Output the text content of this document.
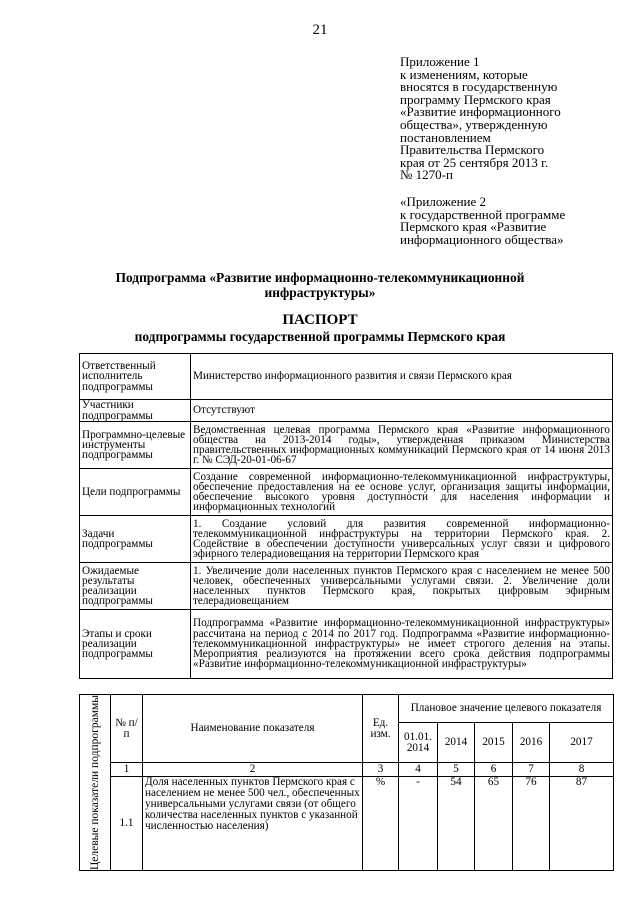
21
Приложение 1
к изменениям, которые
вносятся в государственную
программу Пермского края
«Развитие информационного
общества», утвержденную
постановлением
Правительства Пермского
края от 25 сентября 2013 г.
№ 1270-п
«Приложение 2
к государственной программе
Пермского края «Развитие
информационного общества»
Подпрограмма «Развитие информационно-телекоммуникационной
инфраструктуры»
ПАСПОРТ
подпрограммы государственной программы Пермского края
Ответственный исполнитель подпрограммы	Министерство информационного развития и связи Пермского края
Участники подпрограммы	Отсутствуют
Программно-целевые инструменты подпрограммы	Ведомственная целевая программа Пермского края «Развитие информационного общества на 2013-2014 годы», утвержденная приказом Министерства правительственных информационных коммуникаций Пермского края от 14 июня 2013 г. № СЭД-20-01-06-67
Цели подпрограммы	Создание современной информационно-телекоммуникационной инфраструктуры, обеспечение предоставления на ее основе услуг, организация защиты информации, обеспечение высокого уровня доступности для населения информации и информационных технологий
Задачи подпрограммы	1. Создание условий для развития современной информационно-телекоммуникационной инфраструктуры на территории Пермского края. 2. Содействие в обеспечении доступности универсальных услуг связи и цифрового эфирного телерадиовещания на территории Пермского края
Ожидаемые результаты реализации подпрограммы	1. Увеличение доли населенных пунктов Пермского края с населением не менее 500 человек, обеспеченных универсальными услугами связи. 2. Увеличение доли населенных пунктов Пермского края, покрытых цифровым эфирным телерадиовещанием
Этапы и сроки реализации подпрограммы	Подпрограмма «Развитие информационно-телекоммуникационной инфраструктуры» рассчитана на период с 2014 по 2017 год. Подпрограмма «Развитие информационно-телекоммуникационной инфраструктуры» не имеет строгого деления на этапы. Мероприятия реализуются на протяжении всего срока действия подпрограммы «Развитие информационно-телекоммуникационной инфраструктуры»
Целевые показатели подпрограммы	№ п/п	Наименование показателя	Ед. изм.	Плановое значение целевого показателя				
				01.01. 2014	2014	2015	2016	2017
	1	2	3	4	5	6	7	8
	1.1	Доля населенных пунктов Пермского края с населением не менее 500 чел., обеспеченных универсальными услугами связи (от общего количества населенных пунктов с указанной численностью населения)	%	-	54	65	76	87
